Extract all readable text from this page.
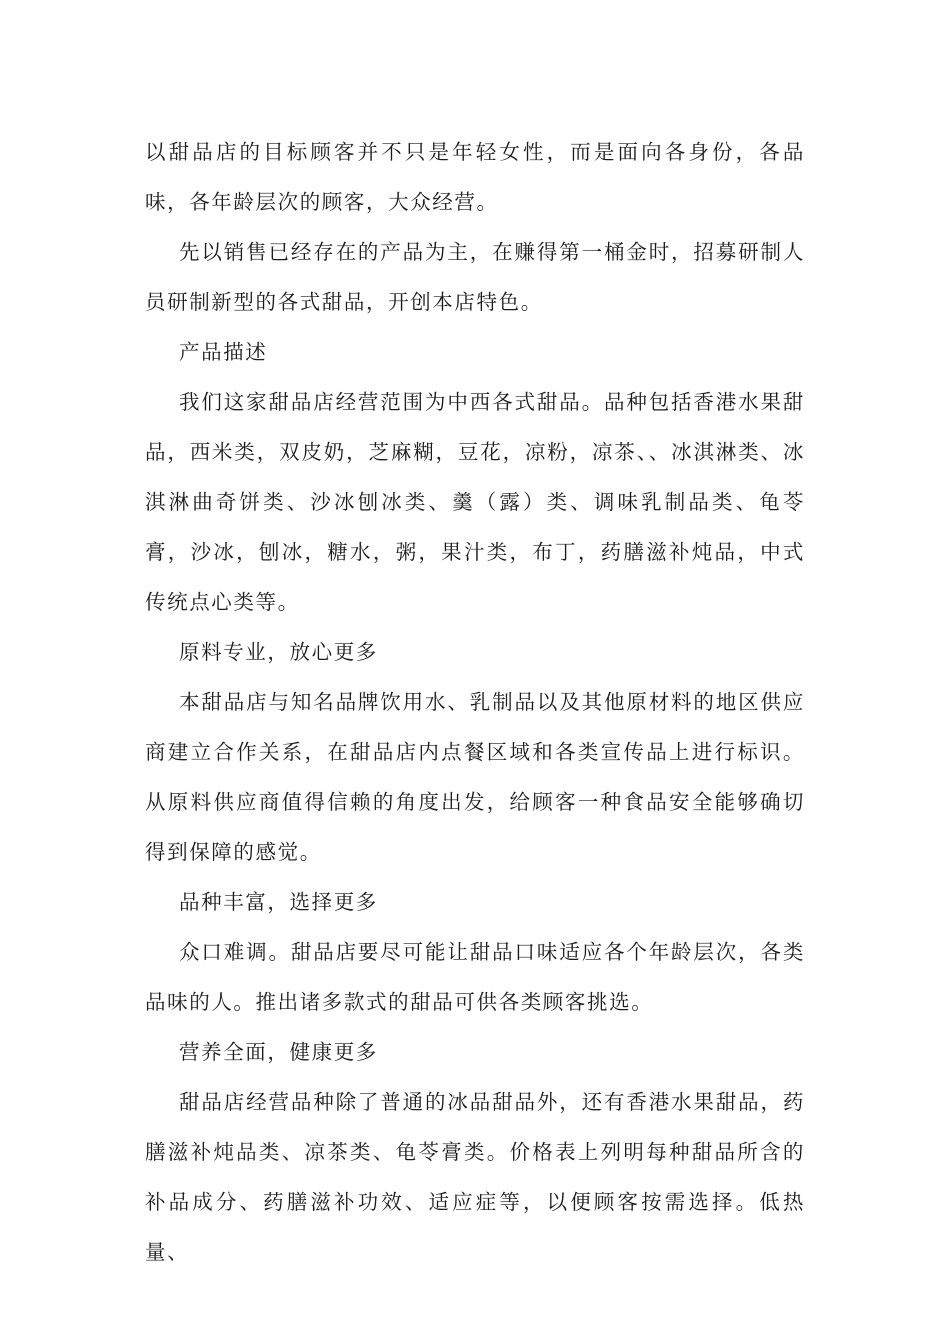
以甜品店的目标顾客并不只是年轻女性，而是面向各身份，各品味，各年龄层次的顾客，大众经营。

先以销售已经存在的产品为主，在赚得第一桶金时，招募研制人员研制新型的各式甜品，开创本店特色。

产品描述

我们这家甜品店经营范围为中西各式甜品。品种包括香港水果甜品，西米类，双皮奶，芝麻糊，豆花，凉粉，凉茶、、冰淇淋类、冰淇淋曲奇饼类、沙冰刨冰类、羹（露）类、调味乳制品类、龟苓膏，沙冰，刨冰，糖水，粥，果汁类，布丁，药膳滋补炖品，中式传统点心类等。

原料专业，放心更多

本甜品店与知名品牌饮用水、乳制品以及其他原材料的地区供应商建立合作关系，在甜品店内点餐区域和各类宣传品上进行标识。从原料供应商值得信赖的角度出发，给顾客一种食品安全能够确切得到保障的感觉。

品种丰富，选择更多

众口难调。甜品店要尽可能让甜品口味适应各个年龄层次，各类品味的人。推出诸多款式的甜品可供各类顾客挑选。

营养全面，健康更多

甜品店经营品种除了普通的冰品甜品外，还有香港水果甜品，药膳滋补炖品类、凉茶类、龟苓膏类。价格表上列明每种甜品所含的补品成分、药膳滋补功效、适应症等，以便顾客按需选择。低热量、
